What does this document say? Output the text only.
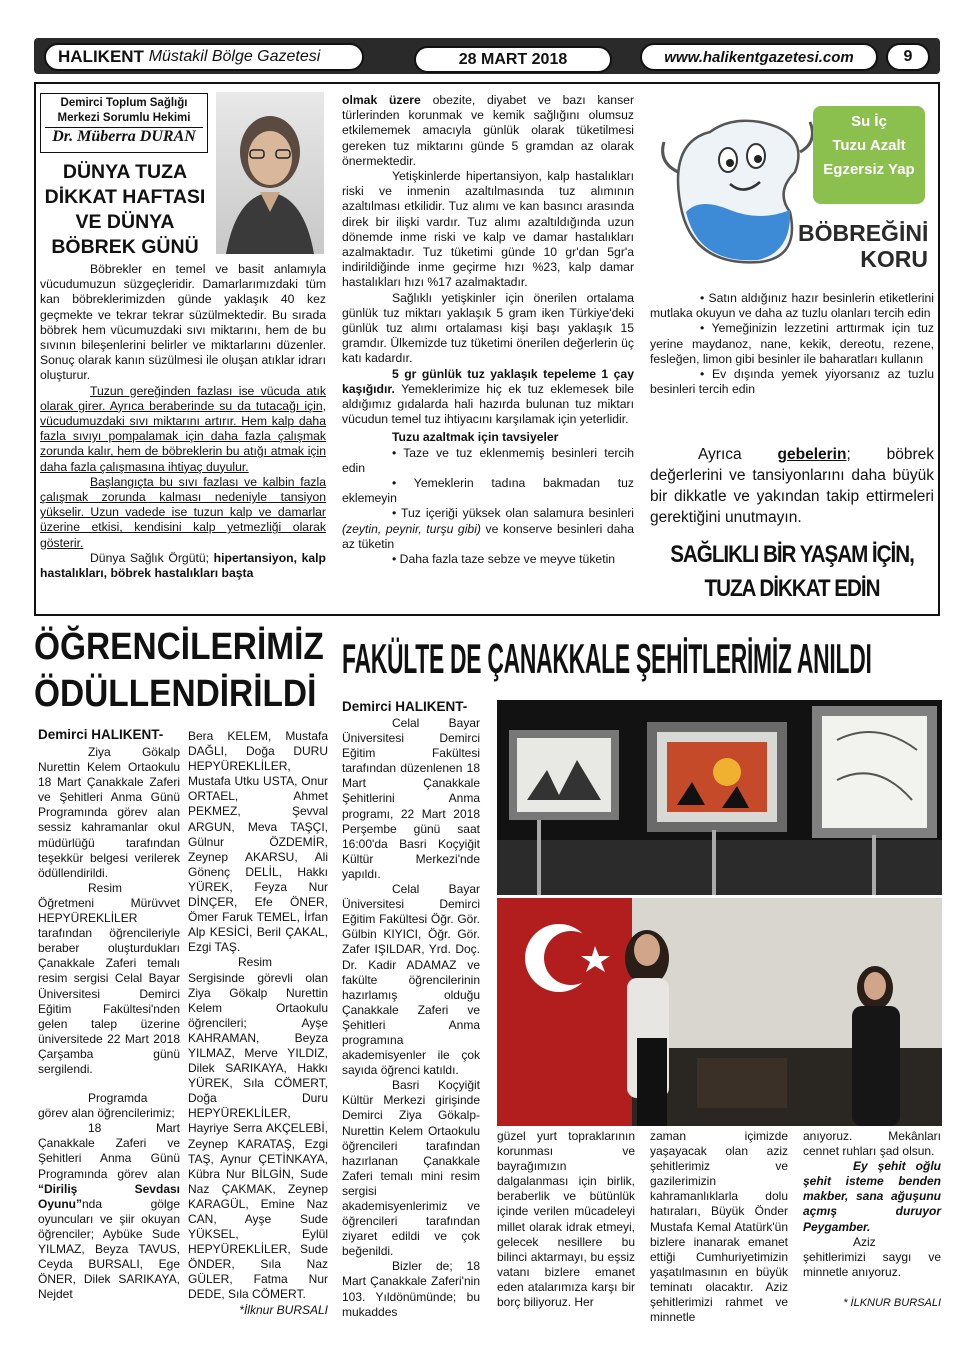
HALIKENT
Müstakil Bölge Gazetesi	28 MART 2018	www.halikentgazetesi.com	9
Demirci Toplum Sağlığı Merkezi Sorumlu Hekimi
Dr. Müberra DURAN
DÜNYA TUZA DİKKAT HAFTASI VE DÜNYA BÖBREK GÜNÜ

Böbrekler en temel ve basit anlamıyla vücudumuzun süzgeçleridir. Damarlarımızdaki tüm kan böbreklerimizden günde yaklaşık 40 kez geçmekte ve tekrar tekrar süzülmektedir. Bu sırada böbrek hem vücumuzdaki sıvı miktarını, hem de bu sıvının bileşenlerini belirler ve miktarlarını düzenler. Sonuç olarak kanın süzülmesi ile oluşan atıklar idrarı oluşturur.

Tuzun gereğinden fazlası ise vücuda atık olarak girer. Ayrıca beraberinde su da tutacağı için, vücudumuzdaki sıvı miktarını artırır. Hem kalp daha fazla sıvıyı pompalamak için daha fazla çalışmak zorunda kalır, hem de böbreklerin bu atığı atmak için daha fazla çalışmasına ihtiyaç duyulur.

Başlangıçta bu sıvı fazlası ve kalbin fazla çalışmak zorunda kalması nedeniyle tansiyon yükselir. Uzun vadede ise tuzun kalp ve damarlar üzerine etkisi, kendisini kalp yetmezliği olarak gösterir.

Dünya Sağlık Örgütü; hipertansiyon, kalp hastalıkları, böbrek hastalıkları başta

olmak üzere obezite, diyabet ve bazı kanser türlerinden korunmak ve kemik sağlığını olumsuz etkilememek amacıyla günlük olarak tüketilmesi gereken tuz miktarını günde 5 gramdan az olarak önermektedir.

Yetişkinlerde hipertansiyon, kalp hastalıkları riski ve inmenin azaltılmasında tuz alımının azaltılması etkilidir. Tuz alımı ve kan basıncı arasında direk bir ilişki vardır. Tuz alımı azaltıldığında uzun dönemde inme riski ve kalp ve damar hastalıkları azalmaktadır. Tuz tüketimi günde 10 gr'dan 5gr'a indirildiğinde inme geçirme hızı %23, kalp damar hastalıkları hızı %17 azalmaktadır.

Sağlıklı yetişkinler için önerilen ortalama günlük tuz miktarı yaklaşık 5 gram iken Türkiye'deki günlük tuz alımı ortalaması kişi başı yaklaşık 15 gramdır. Ülkemizde tuz tüketimi önerilen değerlerin üç katı kadardır.

5 gr günlük tuz yaklaşık tepeleme 1 çay kaşığıdır. Yemeklerimize hiç ek tuz eklemesek bile aldığımız gıdalarda hali hazırda bulunan tuz miktarı vücudun temel tuz ihtiyacını karşılamak için yeterlidir.

Tuzu azaltmak için tavsiyeler

• Taze ve tuz eklenmemiş besinleri tercih edin

• Yemeklerin tadına bakmadan tuz eklemeyin

• Tuz içeriği yüksek olan salamura besinleri (zeytin, peynir, turşu gibi) ve konserve besinleri daha az tüketin

• Daha fazla taze sebze ve meyve tüketin

Su İç
Tuzu Azalt
Egzersiz Yap
BÖBREĞİNİ
KORU

• Satın aldığınız hazır besinlerin etiketlerini mutlaka okuyun ve daha az tuzlu olanları tercih edin

• Yemeğinizin lezzetini arttırmak için tuz yerine maydanoz, nane, kekik, dereotu, rezene, fesleğen, limon gibi besinler ile baharatları kullanın

• Ev dışında yemek yiyorsanız az tuzlu besinleri tercih edin

Ayrıca gebelerin; böbrek değerlerini ve tansiyonlarını daha büyük bir dikkatle ve yakından takip ettirmeleri gerektiğini unutmayın.
SAĞLIKLI BİR YAŞAM İÇİN,
TUZA DİKKAT EDİN
ÖĞRENCİLERİMİZ
ÖDÜLLENDİRİLDİ
Demirci HALIKENT-

Ziya Gökalp Nurettin Kelem Ortaokulu 18 Mart Çanakkale Zaferi ve Şehitleri Anma Günü Programında görev alan sessiz kahramanlar okul müdürlüğü tarafından teşekkür belgesi verilerek ödüllendirildi.

Resim Öğretmeni Mürüvvet HEPYÜREKLİLER tarafından öğrencileriyle beraber oluşturdukları Çanakkale Zaferi temalı resim sergisi Celal Bayar Üniversitesi Demirci Eğitim Fakültesi'nden gelen talep üzerine üniversitede 22 Mart 2018 Çarşamba günü sergilendi.

Programda görev alan öğrencilerimiz;

18 Mart Çanakkale Zaferi ve Şehitleri Anma Günü Programında görev alan “Diriliş Sevdası Oyunu”nda gölge oyuncuları ve şiir okuyan öğrenciler; Aybüke Sude YILMAZ, Beyza TAVUS, Ceyda BURSALI, Ege ÖNER, Dilek SARIKAYA, Nejdet

Bera KELEM, Mustafa DAĞLI, Doğa DURU HEPYÜREKLİLER, Mustafa Utku USTA, Onur ORTAEL, Ahmet PEKMEZ, Şevval ARGUN, Meva TAŞÇI, Gülnur ÖZDEMİR, Zeynep AKARSU, Ali Gönenç DELİL, Hakkı YÜREK, Feyza Nur DİNÇER, Efe ÖNER, Ömer Faruk TEMEL, İrfan Alp KESİCİ, Beril ÇAKAL, Ezgi TAŞ.

Resim Sergisinde görevli olan Ziya Gökalp Nurettin Kelem Ortaokulu öğrencileri; Ayşe KAHRAMAN, Beyza YILMAZ, Merve YILDIZ, Dilek SARIKAYA, Hakkı YÜREK, Sıla CÖMERT, Doğa Duru HEPYÜREKLİLER, Hayriye Serra AKÇELEBİ, Zeynep KARATAŞ, Ezgi TAŞ, Aynur ÇETİNKAYA, Kübra Nur BİLGİN, Sude Naz ÇAKMAK, Zeynep KARAGÜL, Emine Naz CAN, Ayşe Sude YÜKSEL, Eylül HEPYÜREKLİLER, Sude ÖNDER, Sıla Naz GÜLER, Fatma Nur DEDE, Sıla CÖMERT.

*İlknur BURSALI

FAKÜLTE DE ÇANAKKALE ŞEHİTLERİMİZ ANILDI
Demirci HALIKENT-

Celal Bayar Üniversitesi Demirci Eğitim Fakültesi tarafından düzenlenen 18 Mart Çanakkale Şehitlerini Anma programı, 22 Mart 2018 Perşembe günü saat 16:00'da Basri Koçyiğit Kültür Merkezi'nde yapıldı.

Celal Bayar Üniversitesi Demirci Eğitim Fakültesi Öğr. Gör. Gülbin KIYICI, Öğr. Gör. Zafer IŞILDAR, Yrd. Doç. Dr. Kadir ADAMAZ ve fakülte öğrencilerinin hazırlamış olduğu Çanakkale Zaferi ve Şehitleri Anma programına akademisyenler ile çok sayıda öğrenci katıldı.

Basri Koçyiğit Kültür Merkezi girişinde Demirci Ziya Gökalp-Nurettin Kelem Ortaokulu öğrencileri tarafından hazırlanan Çanakkale Zaferi temalı mini resim sergisi akademisyenlerimiz ve öğrencileri tarafından ziyaret edildi ve çok beğenildi.

Bizler de; 18 Mart Çanakkale Zaferi'nin 103. Yıldönümünde; bu mukaddes

güzel yurt topraklarının korunması ve bayrağımızın dalgalanması için birlik, beraberlik ve bütünlük içinde verilen mücadeleyi millet olarak idrak etmeyi, gelecek nesillere bu bilinci aktarmayı, bu eşsiz vatanı bizlere emanet eden atalarımıza karşı bir borç biliyoruz. Her

zaman içimizde yaşayacak olan aziz şehitlerimiz ve gazilerimizin kahramanlıklarla dolu hatıraları, Büyük Önder Mustafa Kemal Atatürk'ün bizlere inanarak emanet ettiği Cumhuriyetimizin yaşatılmasının en büyük teminatı olacaktır. Aziz şehitlerimizi rahmet ve minnetle

anıyoruz. Mekânları cennet ruhları şad olsun.

Ey şehit oğlu şehit isteme benden makber, sana ağuşunu açmış duruyor Peygamber.

Aziz şehitlerimizi saygı ve minnetle anıyoruz.

* İLKNUR BURSALI
